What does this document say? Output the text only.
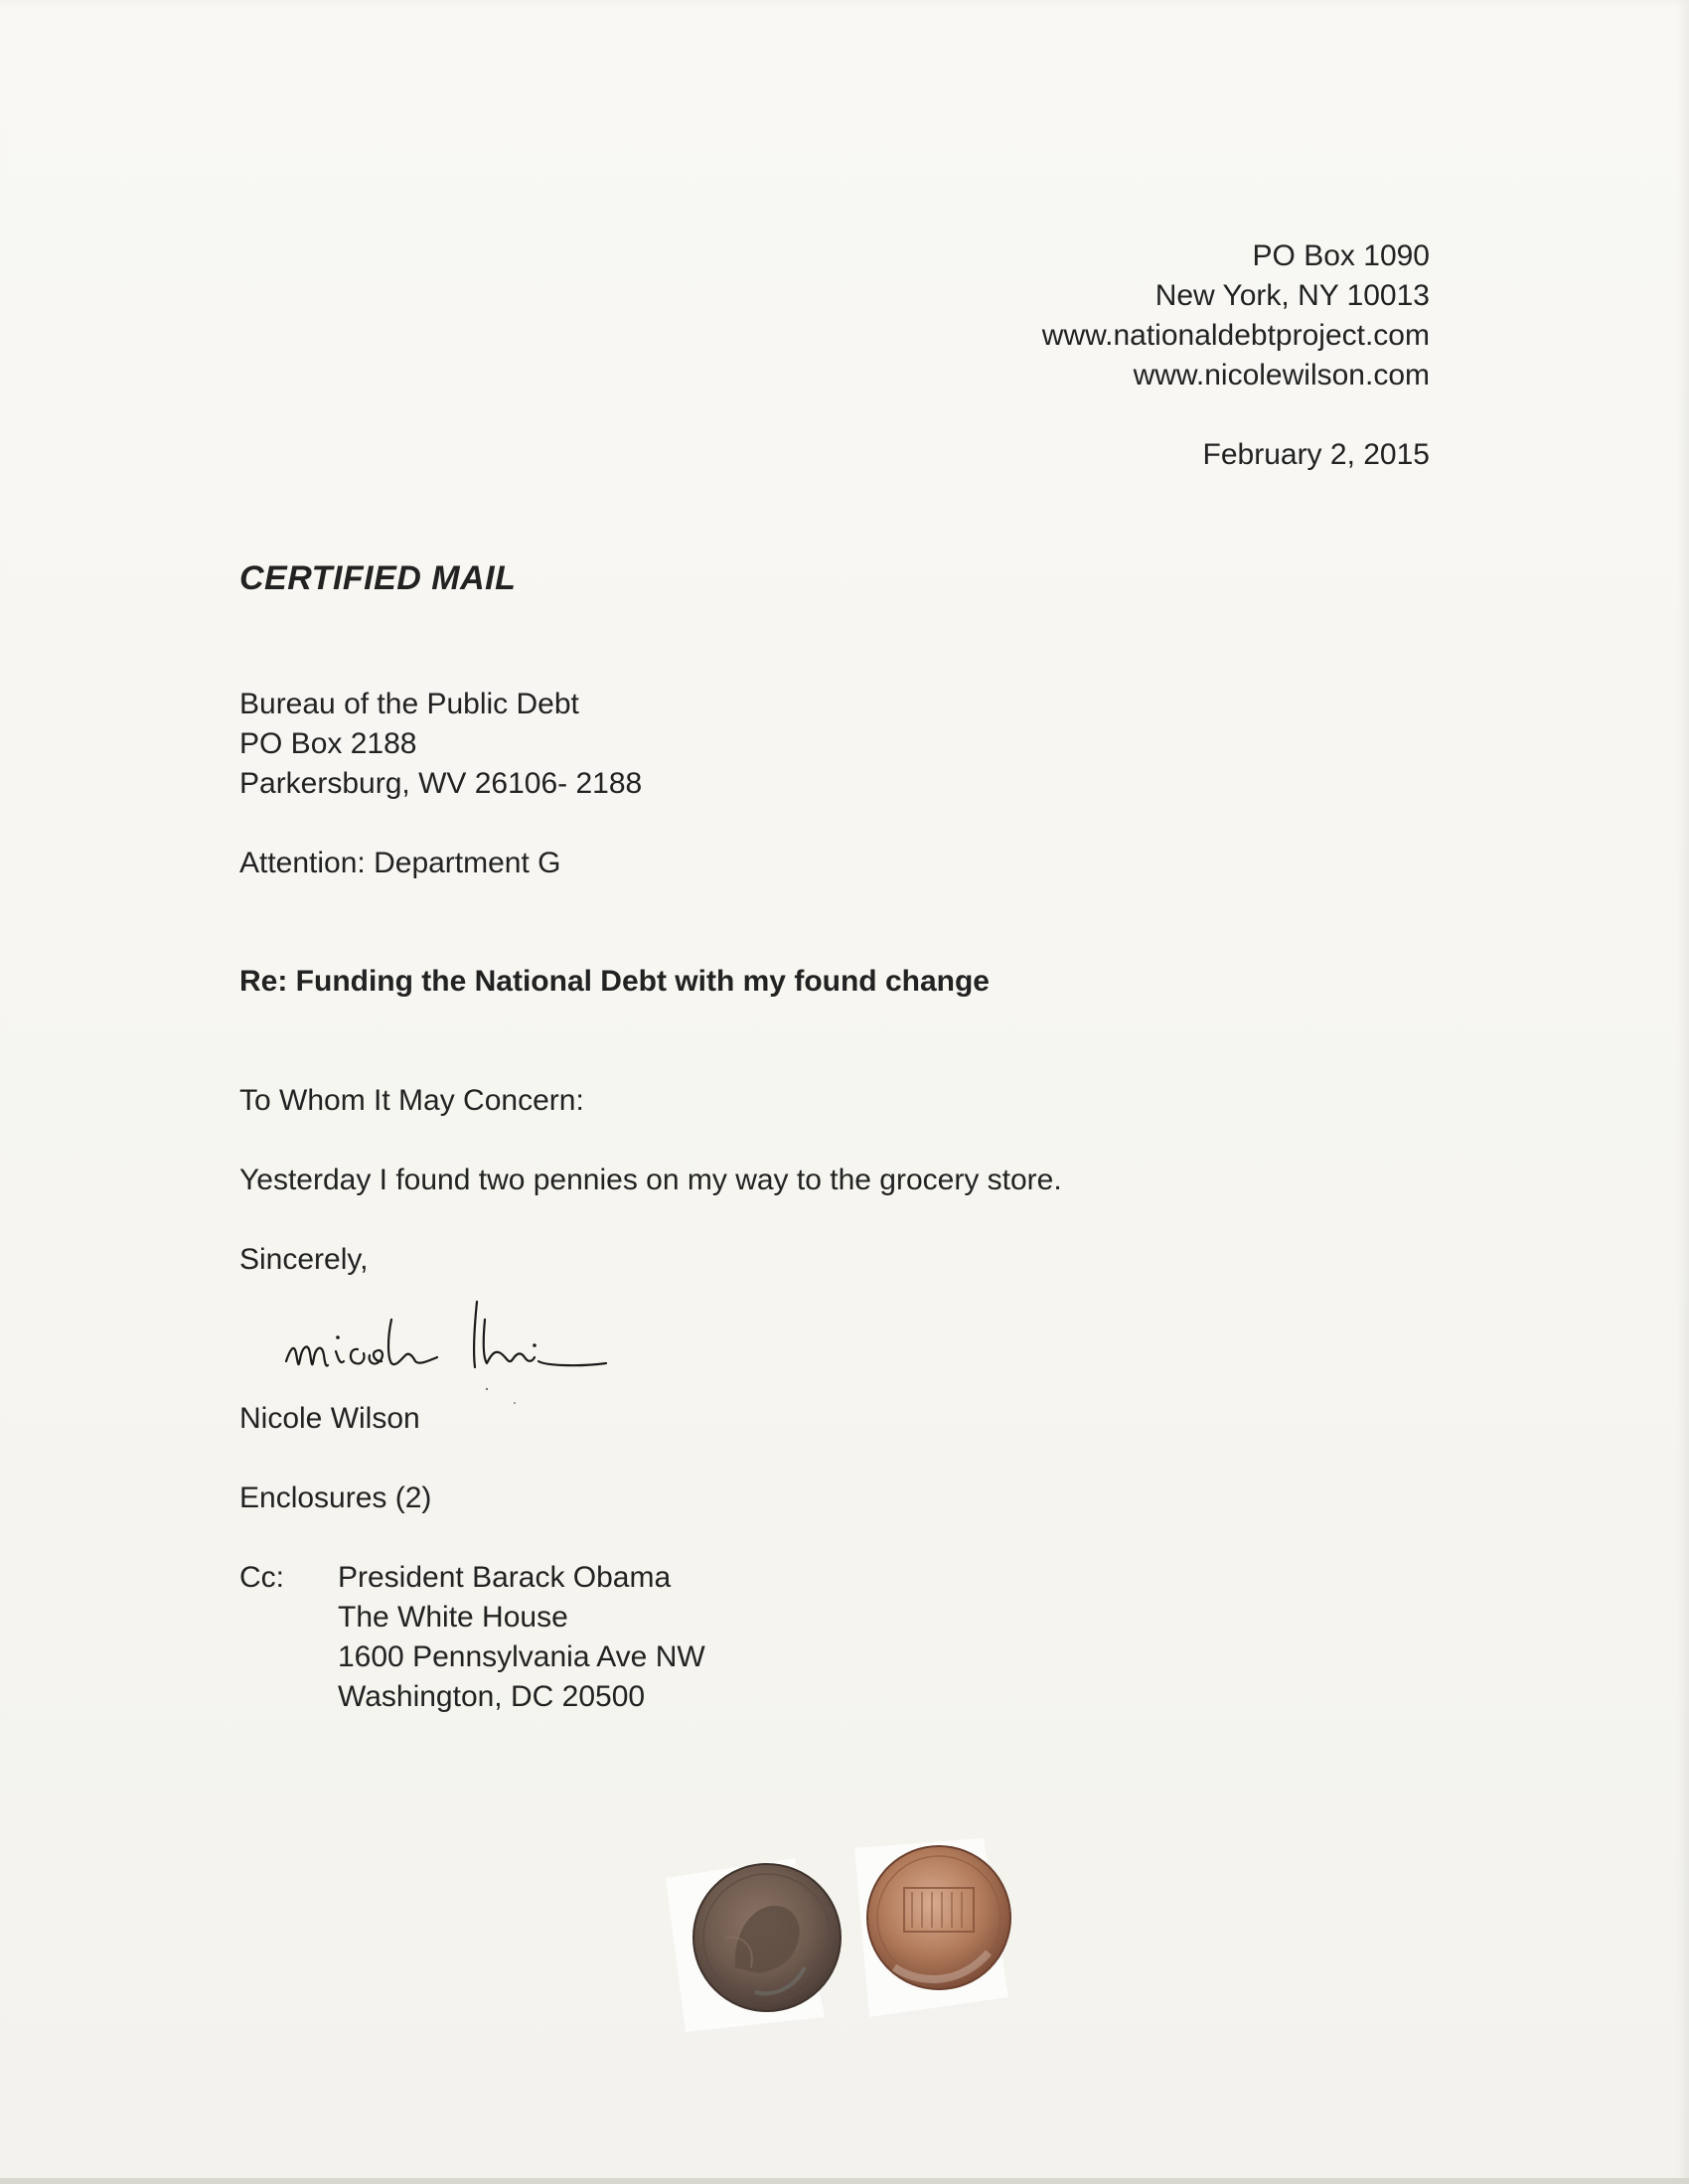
PO Box 1090
New York, NY 10013
www.nationaldebtproject.com
www.nicolewilson.com
February 2, 2015
CERTIFIED MAIL
Bureau of the Public Debt
PO Box 2188
Parkersburg, WV 26106- 2188
Attention: Department G
Re: Funding the National Debt with my found change
To Whom It May Concern:
Yesterday I found two pennies on my way to the grocery store.
Sincerely,
Nicole Wilson
Enclosures (2)
Cc: President Barack Obama
The White House
1600 Pennsylvania Ave NW
Washington, DC 20500
